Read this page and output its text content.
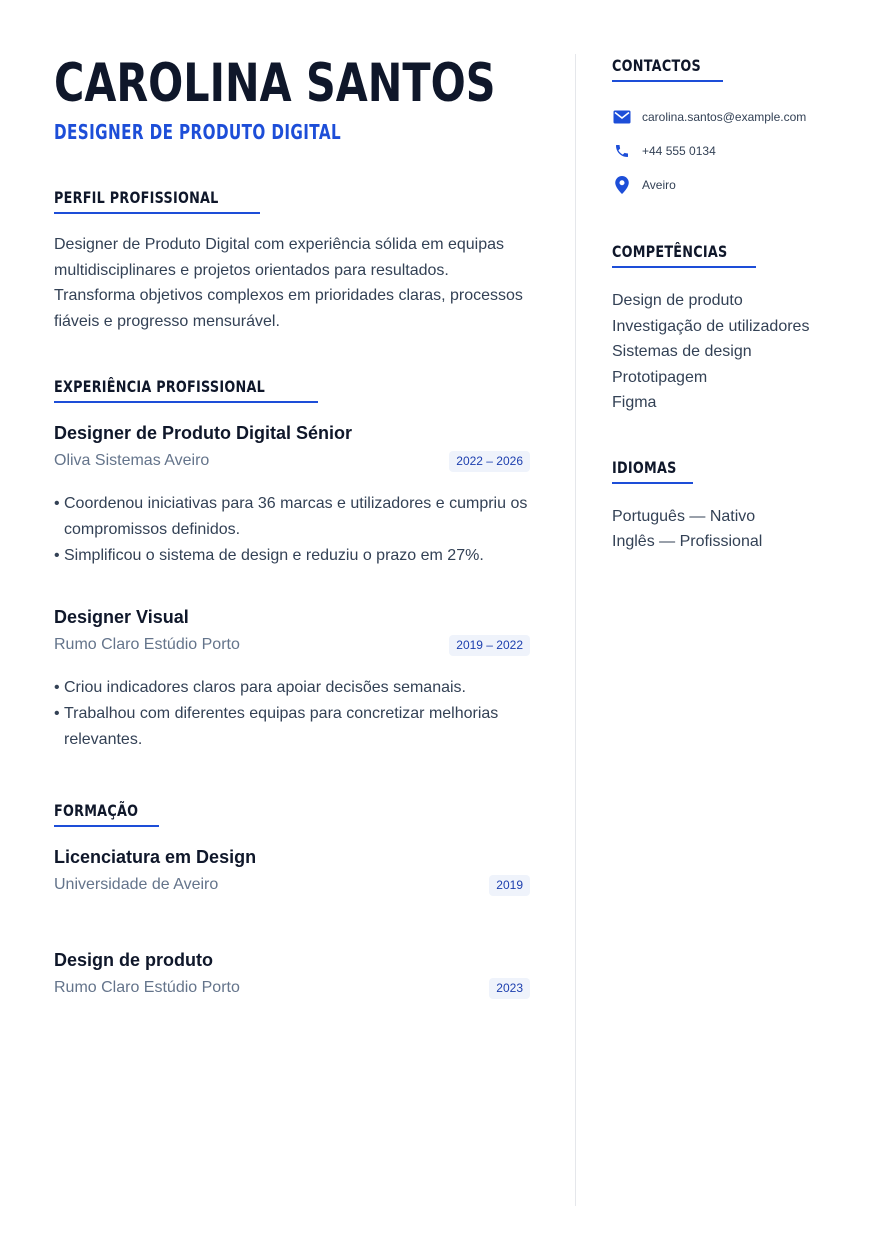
CAROLINA SANTOS
DESIGNER DE PRODUTO DIGITAL
PERFIL PROFISSIONAL

Designer de Produto Digital com experiência sólida em equipas multidisciplinares e projetos orientados para resultados. Transforma objetivos complexos em prioridades claras, processos fiáveis e progresso mensurável.

EXPERIÊNCIA PROFISSIONAL
Designer de Produto Digital Sénior
Oliva Sistemas Aveiro	2022 – 2026
• Coordenou iniciativas para 36 marcas e utilizadores e cumpriu os compromissos definidos.
• Simplificou o sistema de design e reduziu o prazo em 27%.
Designer Visual
Rumo Claro Estúdio Porto	2019 – 2022
• Criou indicadores claros para apoiar decisões semanais.
• Trabalhou com diferentes equipas para concretizar melhorias relevantes.
FORMAÇÃO
Licenciatura em Design
Universidade de Aveiro	2019
Design de produto
Rumo Claro Estúdio Porto	2023
CONTACTOS
carolina.santos@example.com
+44 555 0134
Aveiro
COMPETÊNCIAS
Design de produto
Investigação de utilizadores
Sistemas de design
Prototipagem
Figma
IDIOMAS
Português — Nativo
Inglês — Profissional
